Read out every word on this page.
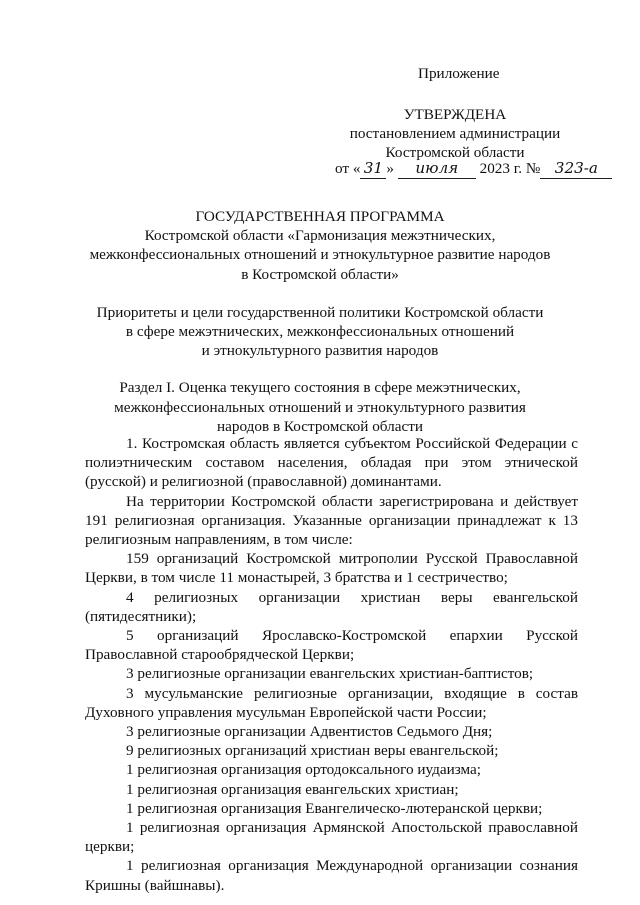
Приложение
УТВЕРЖДЕНА
постановлением администрации
Костромской области
от « 31 » июля 2023 г. № 323-а
ГОСУДАРСТВЕННАЯ ПРОГРАММА
Костромской области «Гармонизация межэтнических,
межконфессиональных отношений и этнокультурное развитие народов
в Костромской области»
Приоритеты и цели государственной политики Костромской области
в сфере межэтнических, межконфессиональных отношений
и этнокультурного развития народов
Раздел I. Оценка текущего состояния в сфере межэтнических,
межконфессиональных отношений и этнокультурного развития
народов в Костромской области

1. Костромская область является субъектом Российской Федерации с полиэтническим составом населения, обладая при этом этнической (русской) и религиозной (православной) доминантами.

На территории Костромской области зарегистрирована и действует 191 религиозная организация. Указанные организации принадлежат к 13 религиозным направлениям, в том числе:

159 организаций Костромской митрополии Русской Православной Церкви, в том числе 11 монастырей, 3 братства и 1 сестричество;

4 религиозных организации христиан веры евангельской (пятидесятники);

5 организаций Ярославско-Костромской епархии Русской Православной старообрядческой Церкви;

3 религиозные организации евангельских христиан-баптистов;

3 мусульманские религиозные организации, входящие в состав Духовного управления мусульман Европейской части России;

3 религиозные организации Адвентистов Седьмого Дня;

9 религиозных организаций христиан веры евангельской;

1 религиозная организация ортодоксального иудаизма;

1 религиозная организация евангельских христиан;

1 религиозная организация Евангелическо-лютеранской церкви;

1 религиозная организация Армянской Апостольской православной церкви;

1 религиозная организация Международной организации сознания Кришны (вайшнавы).
